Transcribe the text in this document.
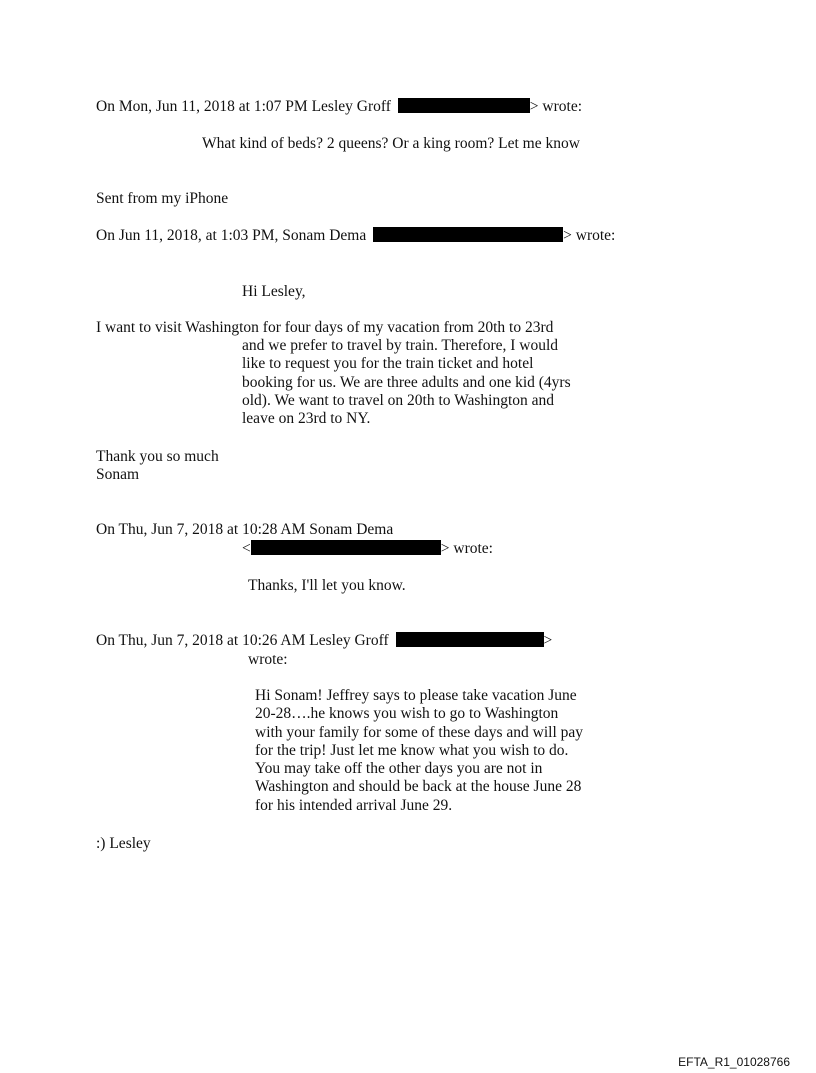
On Mon, Jun 11, 2018 at 1:07 PM Lesley Groff	> wrote:
What kind of beds? 2 queens? Or a king room? Let me know
Sent from my iPhone
On Jun 11, 2018, at 1:03 PM, Sonam Dema	> wrote:
Hi Lesley,
I want to visit Washington for four days of my vacation from 20th to 23rd
and we prefer to travel by train. Therefore, I would
like to request you for the train ticket and hotel
booking for us. We are three adults and one kid (4yrs
old). We want to travel on 20th to Washington and
leave on 23rd to NY.
Thank you so much
Sonam
On Thu, Jun 7, 2018 at 10:28 AM Sonam Dema
<	> wrote:
Thanks, I'll let you know.
On Thu, Jun 7, 2018 at 10:26 AM Lesley Groff	>
wrote:
Hi Sonam! Jeffrey says to please take vacation June
20-28….he knows you wish to go to Washington
with your family for some of these days and will pay
for the trip! Just let me know what you wish to do.
You may take off the other days you are not in
Washington and should be back at the house June 28
for his intended arrival June 29.
:) Lesley
EFTA_R1_01028766
